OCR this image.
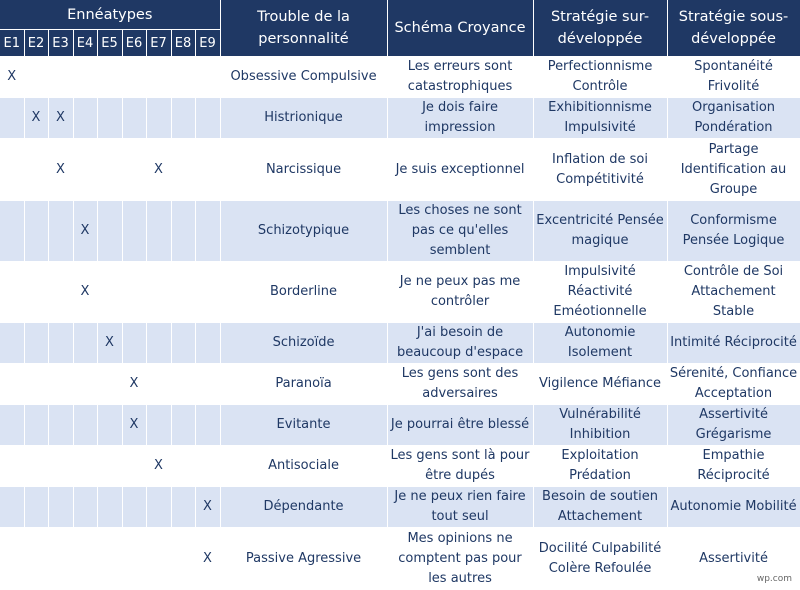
Ennéatypes									Trouble de la personnalité	Schéma Croyance	Stratégie sur-développée	Stratégie sous-développée
E1	E2	E3	E4	E5	E6	E7	E8	E9				
X									Obsessive Compulsive	Les erreurs sont catastrophiques	Perfectionnisme Contrôle	Spontanéité Frivolité
	X	X							Histrionique	Je dois faire impression	Exhibitionnisme Impulsivité	Organisation Pondération
		X				X			Narcissique	Je suis exceptionnel	Inflation de soi Compétitivité	Partage Identification au Groupe
			X						Schizotypique	Les choses ne sont pas ce qu'elles semblent	Excentricité Pensée magique	Conformisme Pensée Logique
			X						Borderline	Je ne peux pas me contrôler	Impulsivité Réactivité Eméotionnelle	Contrôle de Soi Attachement Stable
				X					Schizoïde	J'ai besoin de beaucoup d'espace	Autonomie Isolement	Intimité Réciprocité
					X				Paranoïa	Les gens sont des adversaires	Vigilence Méfiance	Sérenité, Confiance Acceptation
					X				Evitante	Je pourrai être blessé	Vulnérabilité Inhibition	Assertivité Grégarisme
						X			Antisociale	Les gens sont là pour être dupés	Exploitation Prédation	Empathie Réciprocité
								X	Dépendante	Je ne peux rien faire tout seul	Besoin de soutien Attachement	Autonomie Mobilité
								X	Passive Agressive	Mes opinions ne comptent pas pour les autres	Docilité Culpabilité Colère Refoulée	Assertivité
wp.com
